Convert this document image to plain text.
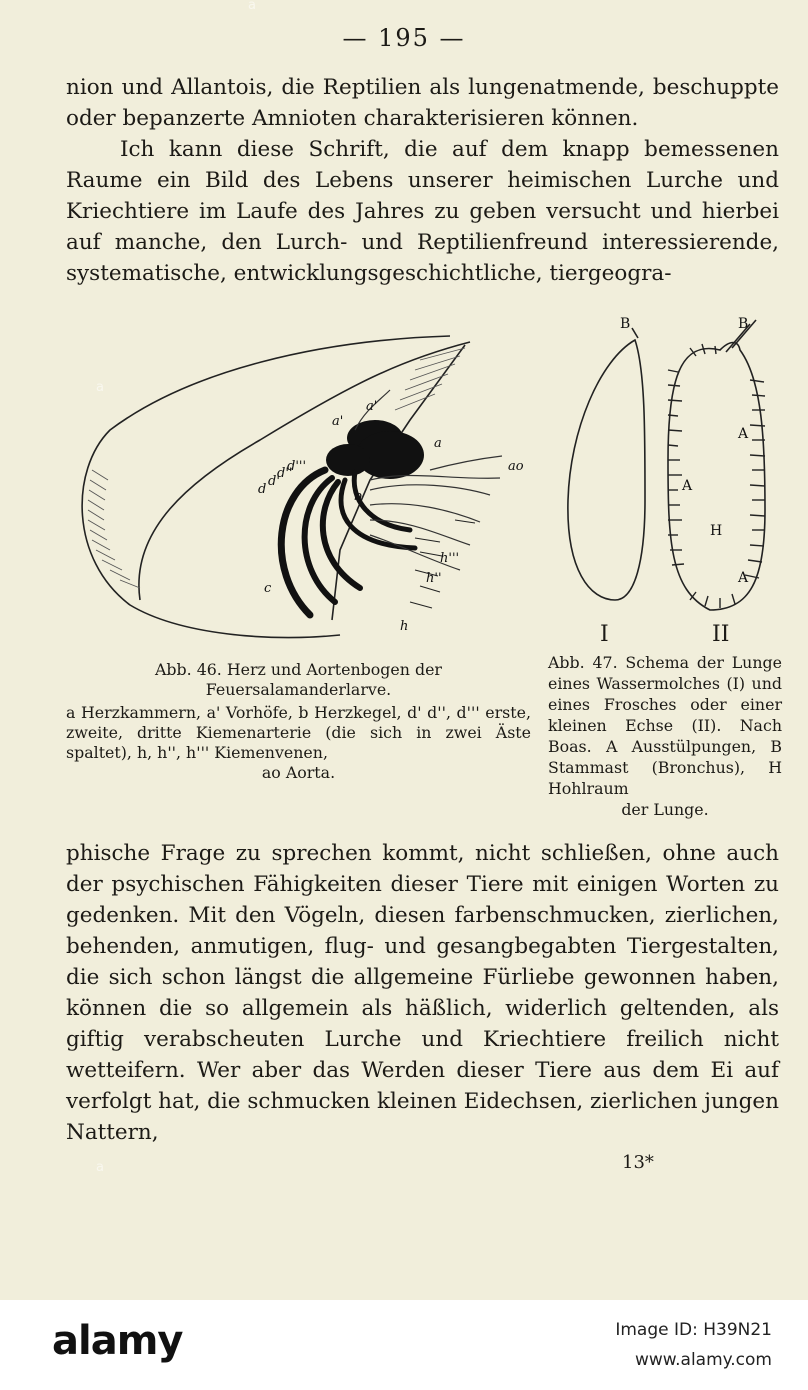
— 195 —

nion und Allantois, die Reptilien als lungenatmende, beschuppte oder bepanzerte Amnioten charakterisieren können.

Ich kann diese Schrift, die auf dem knapp bemessenen Raume ein Bild des Lebens unserer heimischen Lurche und Kriechtiere im Laufe des Jahres zu geben versucht und hierbei auf manche, den Lurch- und Reptilienfreund interessierende, systematische, entwicklungsgeschichtliche, tiergeogra-

a'
a'
a
ao
b
d
d'
d''
d'''
c
h'''
h''
h
B	B
A
A
A
H
I	II
Abb. 46. Herz und Aortenbogen der Feuersalamanderlarve.
a Herzkammern, a' Vorhöfe, b Herzkegel, d' d'', d''' erste, zweite, dritte Kiemenarterie (die sich in zwei Äste spaltet), h, h'', h''' Kiemenvenen,
ao Aorta.
Abb. 47. Schema der Lunge eines Wassermolches (I) und eines Frosches oder einer kleinen Echse (II). Nach Boas. A Ausstülpungen, B Stammast (Bronchus), H Hohlraum
der Lunge.

phische Frage zu sprechen kommt, nicht schließen, ohne auch der psychischen Fähigkeiten dieser Tiere mit einigen Worten zu gedenken. Mit den Vögeln, diesen farbenschmucken, zierlichen, behenden, anmutigen, flug- und gesangbegabten Tiergestalten, die sich schon längst die allgemeine Fürliebe gewonnen haben, können die so allgemein als häßlich, widerlich geltenden, als giftig verabscheuten Lurche und Kriechtiere freilich nicht wetteifern. Wer aber das Werden dieser Tiere aus dem Ei auf verfolgt hat, die schmucken kleinen Eidechsen, zierlichen jungen Nattern,

13*
a
a
a
alamy	Image ID: H39N21
www.alamy.com
